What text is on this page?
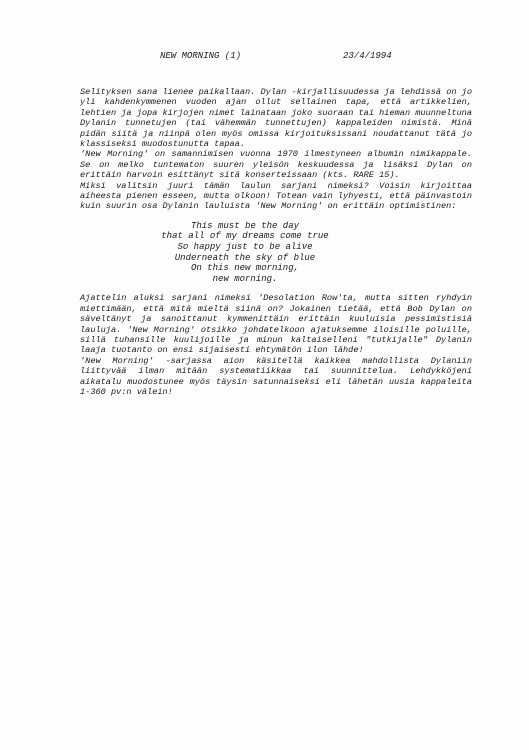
NEW MORNING (1)	23/4/1994

Selityksen sana lienee paikallaan. Dylan -kirjallisuudessa ja lehdissä on jo yli kahdenkymmenen vuoden ajan ollut sellainen tapa, että artikkelien, lehtien ja jopa kirjojen nimet lainataan joko suoraan tai hieman muunneltuna Dylanin tunnetujen (tai vähemmän tunnettujen) kappaleiden nimistä. Minä pidän siitä ja niinpä olen myös omissa kirjoituksissani noudattanut tätä jo klassiseksi muodostunutta tapaa.

'New Morning' on samannimisen vuonna 1970 ilmestyneen albumin nimikappale. Se on melko tuntematon suuren yleisön keskuudessa ja lisäksi Dylan on erittäin harvoin esittänyt sitä konserteissaan (kts. RARE 15).

Miksi valitsin juuri tämän laulun sarjani nimeksi? Voisin kirjoittaa aiheesta pienen esseen, mutta olkoon! Totean vain lyhyesti, että päinvastoin kuin suurin osa Dylanin lauluista 'New Morning' on erittäin optimistinen:

This must be the day
that all of my dreams come true
So happy just to be alive
Underneath the sky of blue
On this new morning,
new morning.

Ajattelin aluksi sarjani nimeksi 'Desolation Row'ta, mutta sitten ryhdyin miettimään, että mitä mieltä siinä on? Jokainen tietää, että Bob Dylan on säveltänyt ja sanoittanut kymmenittäin erittäin kuuluisia pessimistisiä lauluja. 'New Morning' otsikko johdatelkoon ajatuksemme iloisille poluille, sillä tuhansille kuulijoille ja minun kaltaiselleni "tutkijalle" Dylanin laaja tuotanto on ensi sijaisesti ehtymätön ilon lähde!

'New Morning' -sarjassa aion käsitellä kaikkea mahdollista Dylaniin liittyvää ilman mitään systematiikkaa tai suunnittelua. Lehdykköjeni aikatalu muodostunee myös täysin satunnaiseksi eli lähetän uusia kappaleita 1-360 pv:n välein!
